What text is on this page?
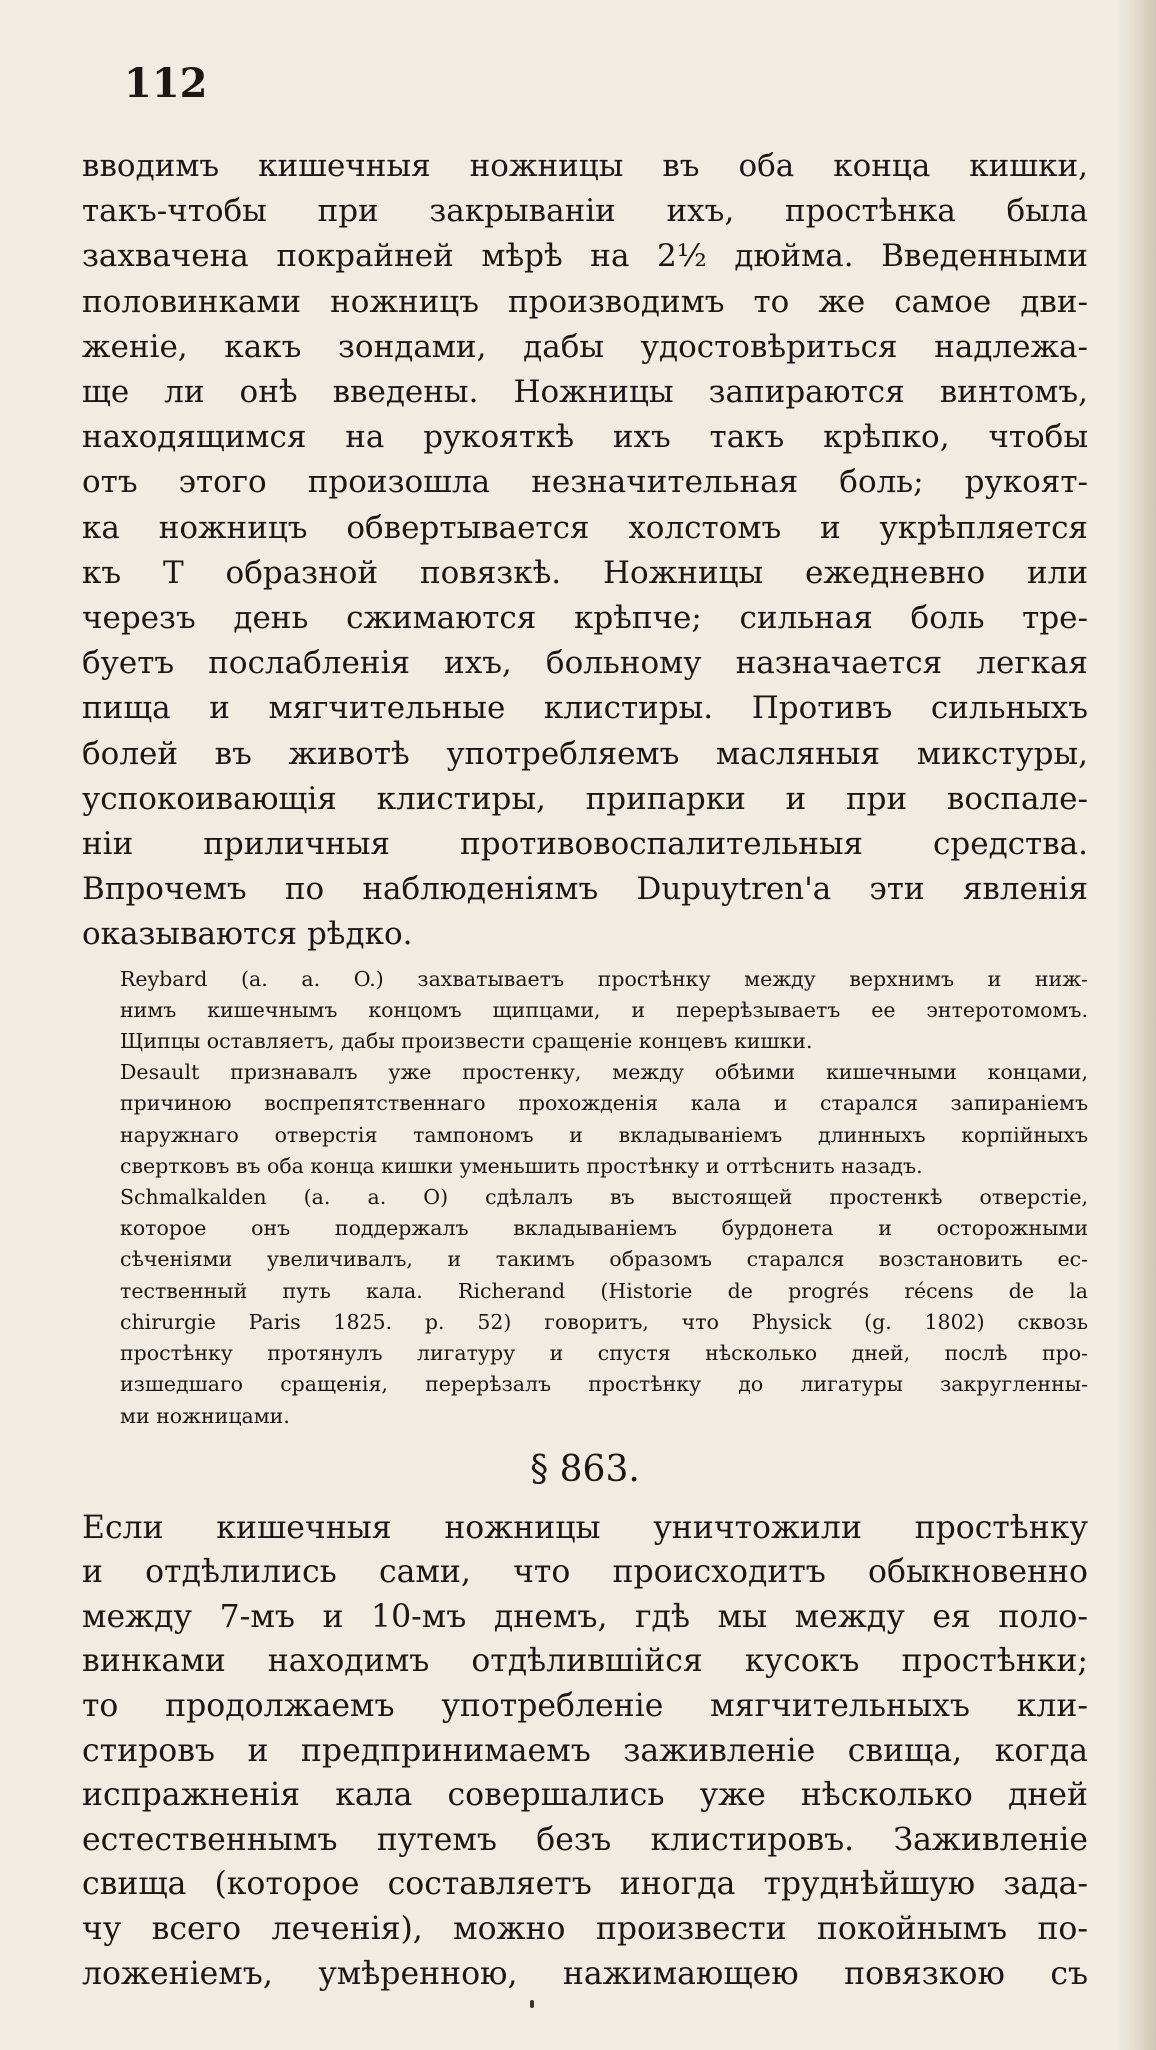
112
вводимъ кишечныя ножницы въ оба конца кишки,
такъ-чтобы при закрываніи ихъ, простѣнка была
захвачена покрайней мѣрѣ на 2½ дюйма. Введенными
половинками ножницъ производимъ то же самое дви-
женіе, какъ зондами, дабы удостовѣриться надлежа-
ще ли онѣ введены. Ножницы запираются винтомъ,
находящимся на рукояткѣ ихъ такъ крѣпко, чтобы
отъ этого произошла незначительная боль; рукоят-
ка ножницъ обвертывается холстомъ и укрѣпляется
къ Т образной повязкѣ. Ножницы ежедневно или
черезъ день сжимаются крѣпче; сильная боль тре-
буетъ послабленія ихъ, больному назначается легкая
пища и мягчительные клистиры. Противъ сильныхъ
болей въ животѣ употребляемъ масляныя микстуры,
успокоивающія клистиры, припарки и при воспале-
ніи приличныя противовоспалительныя средства.
Впрочемъ по наблюденіямъ Dupuytren'а эти явленія
оказываются рѣдко.
Reybard (a. a. O.) захватываетъ простѣнку между верхнимъ и ниж-
нимъ кишечнымъ концомъ щипцами, и перерѣзываетъ ее энтеротомомъ.
Щипцы оставляетъ, дабы произвести сращеніе концевъ кишки.
Desault признавалъ уже простенку, между обѣими кишечными концами,
причиною воспрепятственнаго прохожденія кала и старался запираніемъ
наружнаго отверстія тампономъ и вкладываніемъ длинныхъ корпійныхъ
свертковъ въ оба конца кишки уменьшить простѣнку и оттѣснить назадъ.
Schmalkalden (a. a. O) сдѣлалъ въ выстоящей простенкѣ отверстіе,
которое онъ поддержалъ вкладываніемъ бурдонета и осторожными
сѣченіями увеличивалъ, и такимъ образомъ старался возстановить ес-
тественный путь кала. Richerand (Historie de progrés récens de la
chirurgie Paris 1825. p. 52) говоритъ, что Physick (g. 1802) сквозь
простѣнку протянулъ лигатуру и спустя нѣсколько дней, послѣ про-
изшедшаго сращенія, перерѣзалъ простѣнку до лигатуры закругленны-
ми ножницами.
§ 863.
Если кишечныя ножницы уничтожили простѣнку
и отдѣлились сами, что происходитъ обыкновенно
между 7-мъ и 10-мъ днемъ, гдѣ мы между ея поло-
винками находимъ отдѣлившійся кусокъ простѣнки;
то продолжаемъ употребленіе мягчительныхъ кли-
стировъ и предпринимаемъ заживленіе свища, когда
испражненія кала совершались уже нѣсколько дней
естественнымъ путемъ безъ клистировъ. Заживленіе
свища (которое составляетъ иногда труднѣйшую зада-
чу всего леченія), можно произвести покойнымъ по-
ложеніемъ, умѣренною, нажимающею повязкою съ
